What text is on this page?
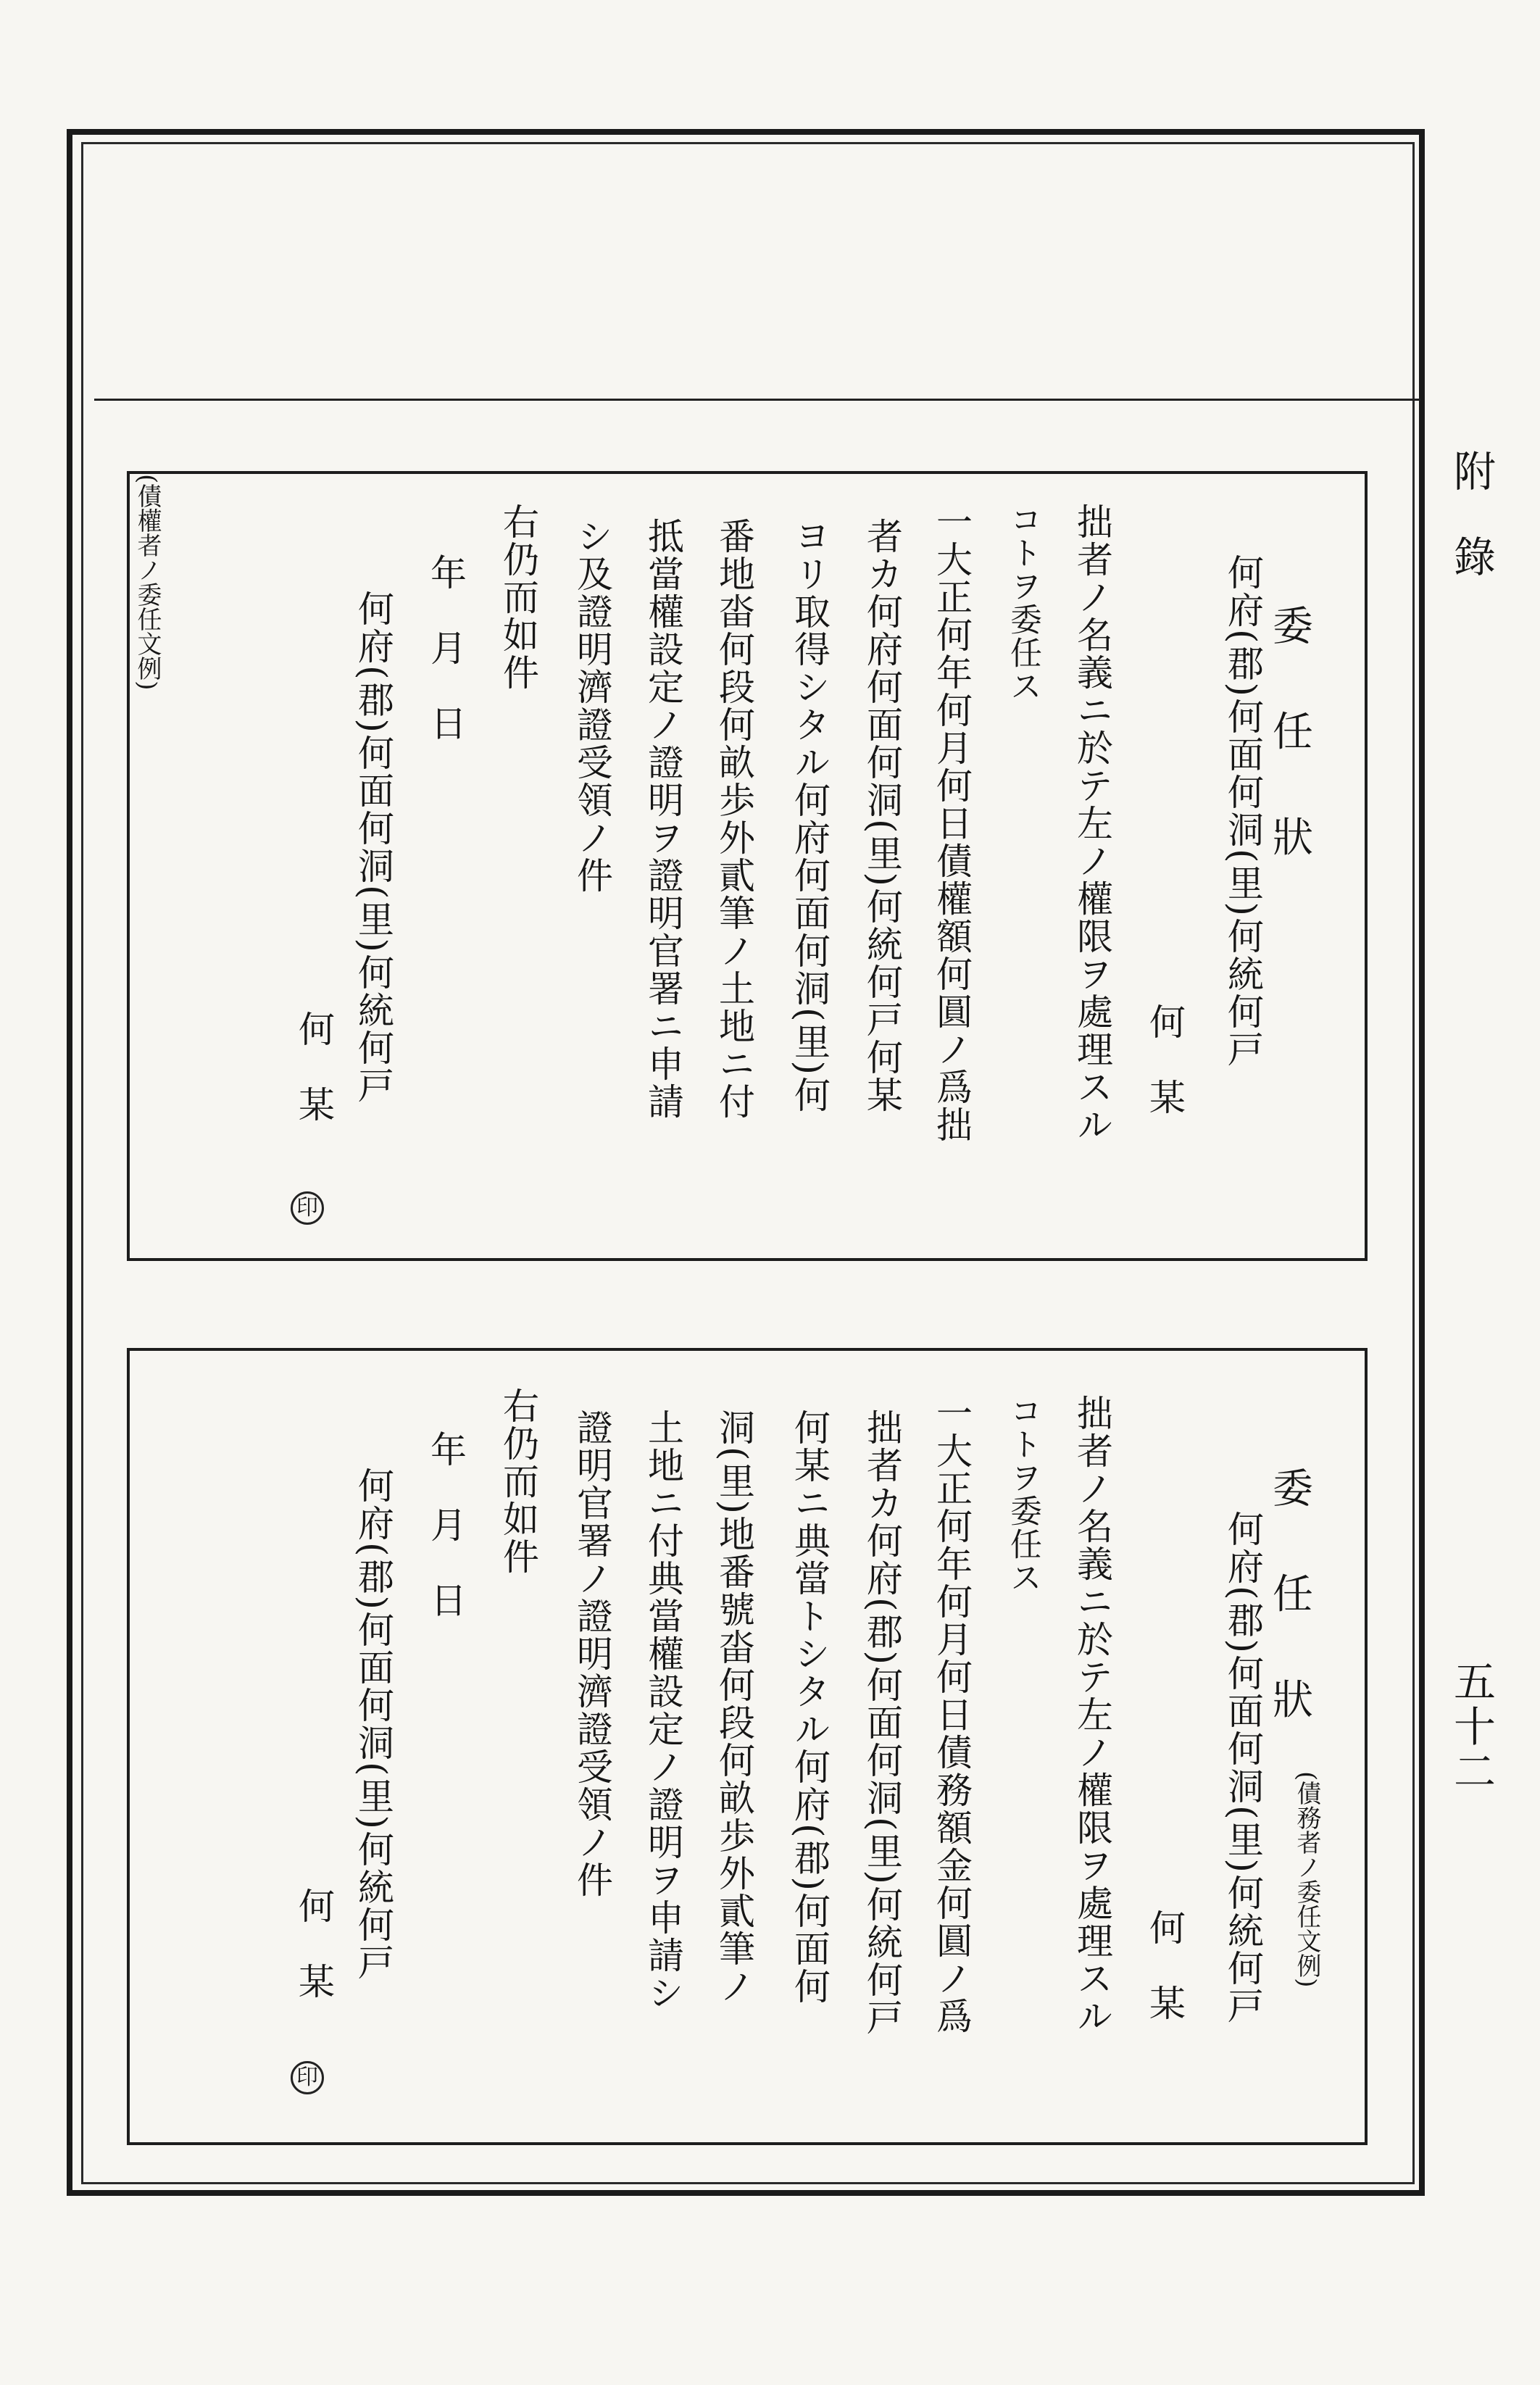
附錄
五十二
何府(郡)何面何洞(里)何統何戸 委 任 狀
(債權者ノ委任文例)
何　某
拙者ノ名義ニ於テ左ノ權限ヲ處理スル
コトヲ委任ス
一大正何年何月何日債權額何圓ノ爲拙
者カ何府何面何洞(里)何統何戸何某
ヨリ取得シタル何府何面何洞(里)何
番地畓何段何畝歩外貳筆ノ土地ニ付
抵當權設定ノ證明ヲ證明官署ニ申請
シ及證明濟證受領ノ件
右仍而如件
年　月　日
何府(郡)何面何洞(里)何統何戸
何　某
印
何府(郡)何面何洞(里)何統何戸 委 任 狀
(債務者ノ委任文例)
何　某
拙者ノ名義ニ於テ左ノ權限ヲ處理スル
コトヲ委任ス
一大正何年何月何日債務額金何圓ノ爲
拙者カ何府(郡)何面何洞(里)何統何戸
何某ニ典當トシタル何府(郡)何面何
洞(里)地番號畓何段何畝歩外貳筆ノ
土地ニ付典當權設定ノ證明ヲ申請シ
證明官署ノ證明濟證受領ノ件
右仍而如件
年　月　日
何府(郡)何面何洞(里)何統何戸
何　某
印
